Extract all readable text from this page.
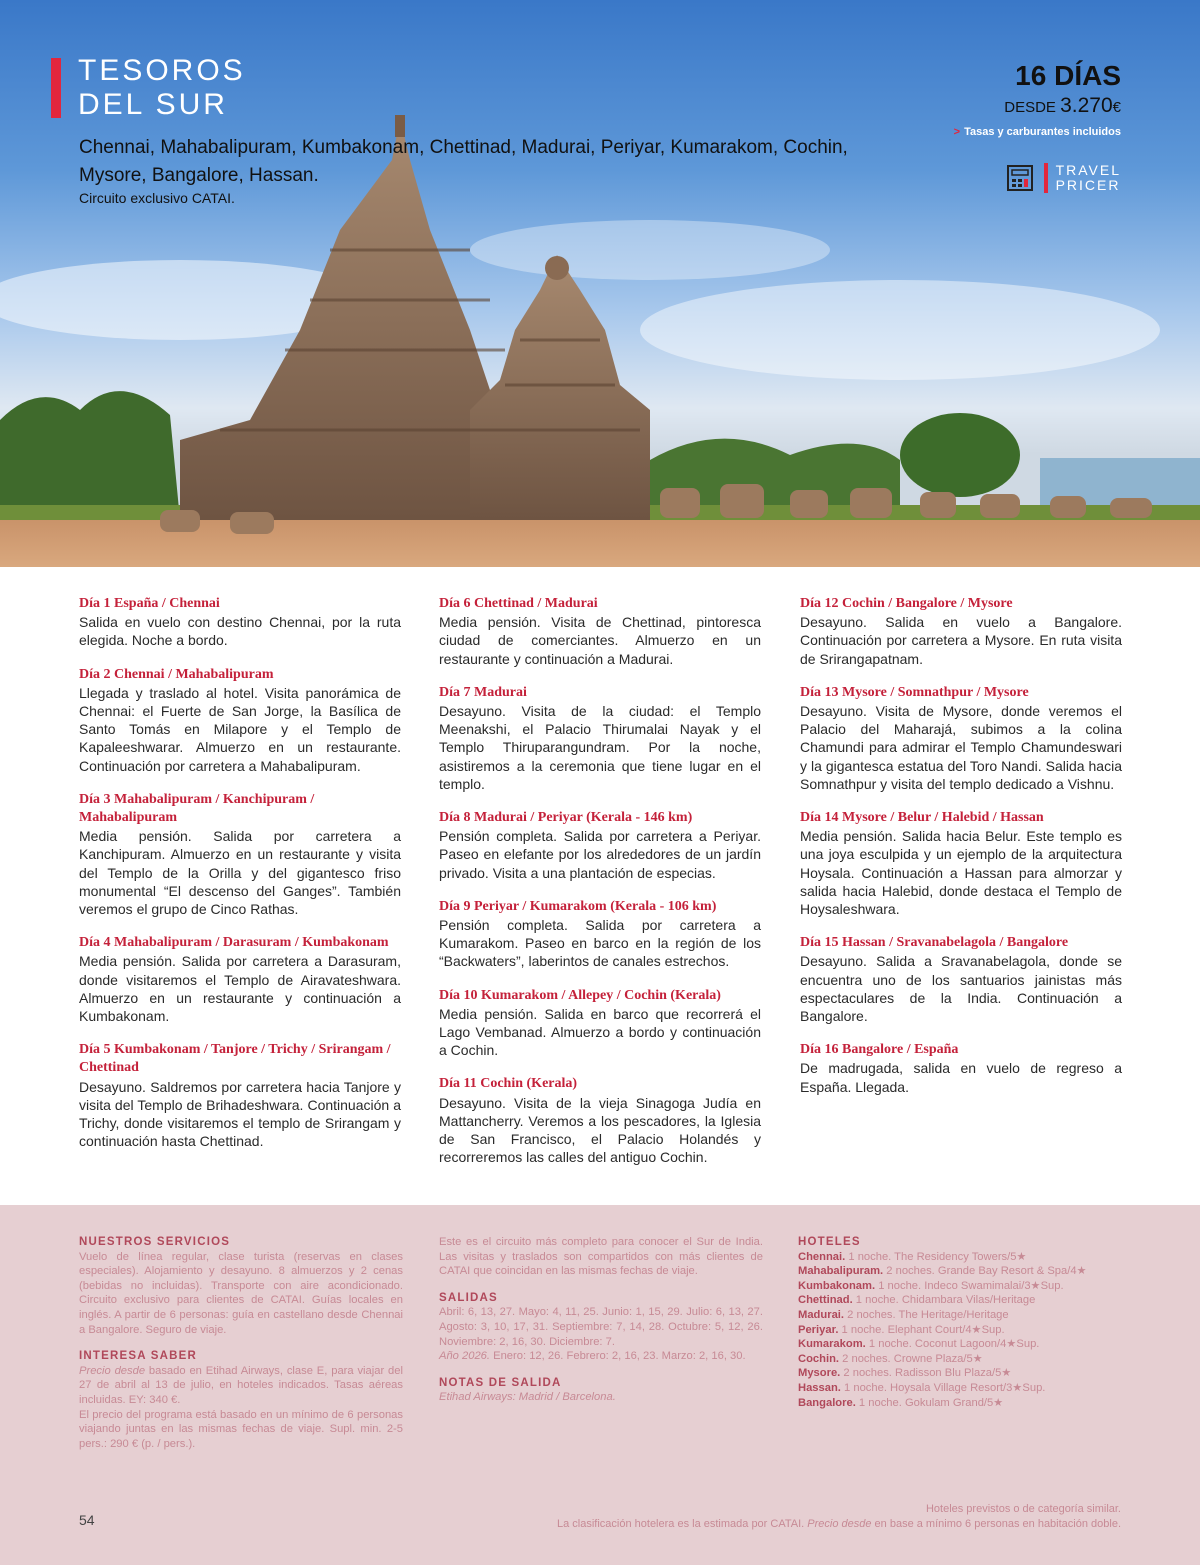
TESOROS
DEL SUR
Chennai, Mahabalipuram, Kumbakonam, Chettinad, Madurai, Periyar, Kumarakom, Cochin, Mysore, Bangalore, Hassan.
Circuito exclusivo CATAI.
16 DÍAS
DESDE 3.270€
> Tasas y carburantes incluidos
TRAVEL
PRICER
Día 1 España / Chennai

Salida en vuelo con destino Chennai, por la ruta elegida. Noche a bordo.

Día 2 Chennai / Mahabalipuram

Llegada y traslado al hotel. Visita panorámica de Chennai: el Fuerte de San Jorge, la Basílica de Santo Tomás en Milapore y el Templo de Kapaleeshwarar. Almuerzo en un restaurante. Continuación por carretera a Mahabalipuram.

Día 3 Mahabalipuram / Kanchipuram / Mahabalipuram

Media pensión. Salida por carretera a Kanchipuram. Almuerzo en un restaurante y visita del Templo de la Orilla y del gigantesco friso monumental “El descenso del Ganges”. También veremos el grupo de Cinco Rathas.

Día 4 Mahabalipuram / Darasuram / Kumbakonam

Media pensión. Salida por carretera a Darasuram, donde visitaremos el Templo de Airavateshwara. Almuerzo en un restaurante y continuación a Kumbakonam.

Día 5 Kumbakonam / Tanjore / Trichy / Srirangam / Chettinad

Desayuno. Saldremos por carretera hacia Tanjore y visita del Templo de Brihadeshwara. Continuación a Trichy, donde visitaremos el templo de Srirangam y continuación hasta Chettinad.

Día 6 Chettinad / Madurai

Media pensión. Visita de Chettinad, pintoresca ciudad de comerciantes. Almuerzo en un restaurante y continuación a Madurai.

Día 7 Madurai

Desayuno. Visita de la ciudad: el Templo Meenakshi, el Palacio Thirumalai Nayak y el Templo Thiruparangundram. Por la noche, asistiremos a la ceremonia que tiene lugar en el templo.

Día 8 Madurai / Periyar (Kerala - 146 km)

Pensión completa. Salida por carretera a Periyar. Paseo en elefante por los alrededores de un jardín privado. Visita a una plantación de especias.

Día 9 Periyar / Kumarakom (Kerala - 106 km)

Pensión completa. Salida por carretera a Kumarakom. Paseo en barco en la región de los “Backwaters”, laberintos de canales estrechos.

Día 10 Kumarakom / Allepey / Cochin (Kerala)

Media pensión. Salida en barco que recorrerá el Lago Vembanad. Almuerzo a bordo y continuación a Cochin.

Día 11 Cochin (Kerala)

Desayuno. Visita de la vieja Sinagoga Judía en Mattancherry. Veremos a los pescadores, la Iglesia de San Francisco, el Palacio Holandés y recorreremos las calles del antiguo Cochin.

Día 12 Cochin / Bangalore / Mysore

Desayuno. Salida en vuelo a Bangalore. Continuación por carretera a Mysore. En ruta visita de Srirangapatnam.

Día 13 Mysore / Somnathpur / Mysore

Desayuno. Visita de Mysore, donde veremos el Palacio del Maharajá, subimos a la colina Chamundi para admirar el Templo Chamundeswari y la gigantesca estatua del Toro Nandi. Salida hacia Somnathpur y visita del templo dedicado a Vishnu.

Día 14 Mysore / Belur / Halebid / Hassan

Media pensión. Salida hacia Belur. Este templo es una joya esculpida y un ejemplo de la arquitectura Hoysala. Continuación a Hassan para almorzar y salida hacia Halebid, donde destaca el Templo de Hoysaleshwara.

Día 15 Hassan / Sravanabelagola / Bangalore

Desayuno. Salida a Sravanabelagola, donde se encuentra uno de los santuarios jainistas más espectaculares de la India. Continuación a Bangalore.

Día 16 Bangalore / España

De madrugada, salida en vuelo de regreso a España. Llegada.

NUESTROS SERVICIOS

Vuelo de línea regular, clase turista (reservas en clases especiales). Alojamiento y desayuno. 8 almuerzos y 2 cenas (bebidas no incluidas). Transporte con aire acondicionado. Circuito exclusivo para clientes de CATAI. Guías locales en inglés. A partir de 6 personas: guía en castellano desde Chennai a Bangalore. Seguro de viaje.

INTERESA SABER

Precio desde basado en Etihad Airways, clase E, para viajar del 27 de abril al 13 de julio, en hoteles indicados. Tasas aéreas incluidas. EY: 340 €.
El precio del programa está basado en un mínimo de 6 personas viajando juntas en las mismas fechas de viaje. Supl. min. 2-5 pers.: 290 € (p. / pers.).

Este es el circuito más completo para conocer el Sur de India. Las visitas y traslados son compartidos con más clientes de CATAI que coincidan en las mismas fechas de viaje.

SALIDAS

Abril: 6, 13, 27. Mayo: 4, 11, 25. Junio: 1, 15, 29. Julio: 6, 13, 27. Agosto: 3, 10, 17, 31. Septiembre: 7, 14, 28. Octubre: 5, 12, 26. Noviembre: 2, 16, 30. Diciembre: 7.
Año 2026. Enero: 12, 26. Febrero: 2, 16, 23. Marzo: 2, 16, 30.

NOTAS DE SALIDA

Etihad Airways: Madrid / Barcelona.

HOTELES
Chennai. 1 noche. The Residency Towers/5★
Mahabalipuram. 2 noches. Grande Bay Resort & Spa/4★
Kumbakonam. 1 noche. Indeco Swamimalai/3★Sup.
Chettinad. 1 noche. Chidambara Vilas/Heritage
Madurai. 2 noches. The Heritage/Heritage
Periyar. 1 noche. Elephant Court/4★Sup.
Kumarakom. 1 noche. Coconut Lagoon/4★Sup.
Cochin. 2 noches. Crowne Plaza/5★
Mysore. 2 noches. Radisson Blu Plaza/5★
Hassan. 1 noche. Hoysala Village Resort/3★Sup.
Bangalore. 1 noche. Gokulam Grand/5★
54
Hoteles previstos o de categoría similar.
La clasificación hotelera es la estimada por CATAI. Precio desde en base a mínimo 6 personas en habitación doble.
